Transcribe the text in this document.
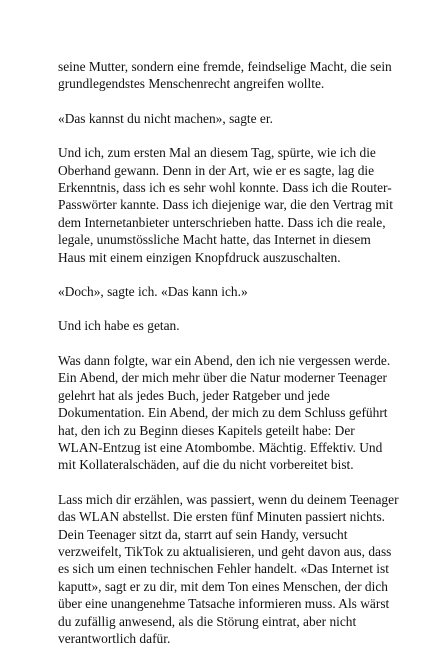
seine Mutter, sondern eine fremde, feindselige Macht, die sein
grundlegendstes Menschenrecht angreifen wollte.

«Das kannst du nicht machen», sagte er.

Und ich, zum ersten Mal an diesem Tag, spürte, wie ich die
Oberhand gewann. Denn in der Art, wie er es sagte, lag die
Erkenntnis, dass ich es sehr wohl konnte. Dass ich die Router-
Passwörter kannte. Dass ich diejenige war, die den Vertrag mit
dem Internetanbieter unterschrieben hatte. Dass ich die reale,
legale, unumstössliche Macht hatte, das Internet in diesem
Haus mit einem einzigen Knopfdruck auszuschalten.

«Doch», sagte ich. «Das kann ich.»

Und ich habe es getan.

Was dann folgte, war ein Abend, den ich nie vergessen werde.
Ein Abend, der mich mehr über die Natur moderner Teenager
gelehrt hat als jedes Buch, jeder Ratgeber und jede
Dokumentation. Ein Abend, der mich zu dem Schluss geführt
hat, den ich zu Beginn dieses Kapitels geteilt habe: Der
WLAN-Entzug ist eine Atombombe. Mächtig. Effektiv. Und
mit Kollateralschäden, auf die du nicht vorbereitet bist.

Lass mich dir erzählen, was passiert, wenn du deinem Teenager
das WLAN abstellst. Die ersten fünf Minuten passiert nichts.
Dein Teenager sitzt da, starrt auf sein Handy, versucht
verzweifelt, TikTok zu aktualisieren, und geht davon aus, dass
es sich um einen technischen Fehler handelt. «Das Internet ist
kaputt», sagt er zu dir, mit dem Ton eines Menschen, der dich
über eine unangenehme Tatsache informieren muss. Als wärst
du zufällig anwesend, als die Störung eintrat, aber nicht
verantwortlich dafür.
